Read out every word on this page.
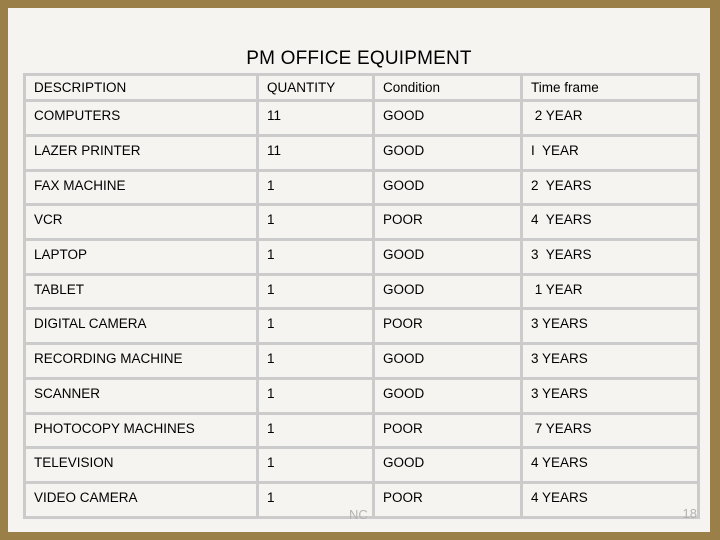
PM OFFICE EQUIPMENT
DESCRIPTION	QUANTITY	Condition	Time frame
COMPUTERS	11	GOOD	2 YEAR
LAZER PRINTER	11	GOOD	I  YEAR
FAX MACHINE	1	GOOD	2  YEARS
VCR	1	POOR	4  YEARS
LAPTOP	1	GOOD	3  YEARS
TABLET	1	GOOD	1 YEAR
DIGITAL CAMERA	1	POOR	3 YEARS
RECORDING MACHINE	1	GOOD	3 YEARS
SCANNER	1	GOOD	3 YEARS
PHOTOCOPY MACHINES	1	POOR	7 YEARS
TELEVISION	1	GOOD	4 YEARS
VIDEO CAMERA	1	POOR	4 YEARS
NC	18
